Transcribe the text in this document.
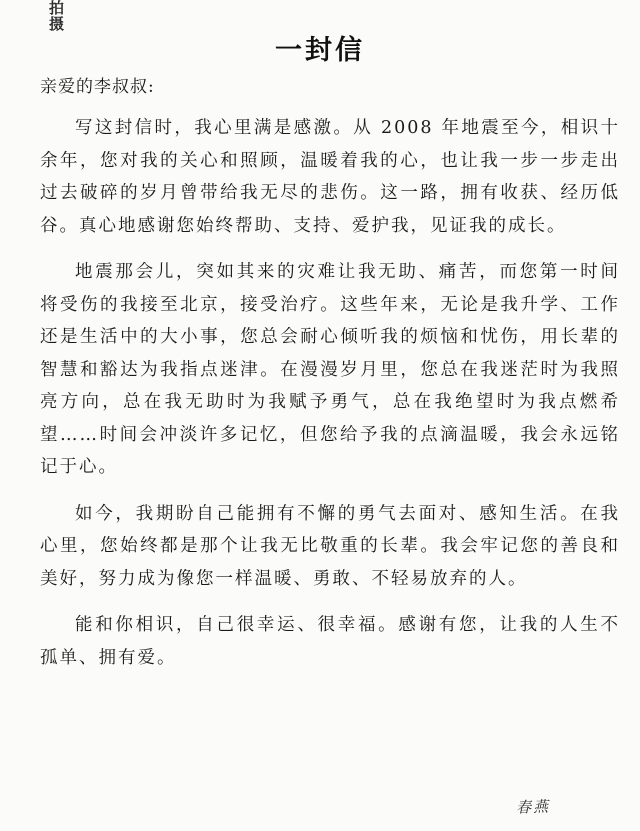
拍摄
一封信
亲爱的李叔叔:

写这封信时，我心里满是感激。从 2008 年地震至今，相识十余年，您对我的关心和照顾，温暖着我的心，也让我一步一步走出过去破碎的岁月曾带给我无尽的悲伤。这一路，拥有收获、经历低谷。真心地感谢您始终帮助、支持、爱护我，见证我的成长。

地震那会儿，突如其来的灾难让我无助、痛苦，而您第一时间将受伤的我接至北京，接受治疗。这些年来，无论是我升学、工作还是生活中的大小事，您总会耐心倾听我的烦恼和忧伤，用长辈的智慧和豁达为我指点迷津。在漫漫岁月里，您总在我迷茫时为我照亮方向，总在我无助时为我赋予勇气，总在我绝望时为我点燃希望……时间会冲淡许多记忆，但您给予我的点滴温暖，我会永远铭记于心。

如今，我期盼自己能拥有不懈的勇气去面对、感知生活。在我心里，您始终都是那个让我无比敬重的长辈。我会牢记您的善良和美好，努力成为像您一样温暖、勇敢、不轻易放弃的人。

能和你相识，自己很幸运、很幸福。感谢有您，让我的人生不孤单、拥有爱。

春燕
